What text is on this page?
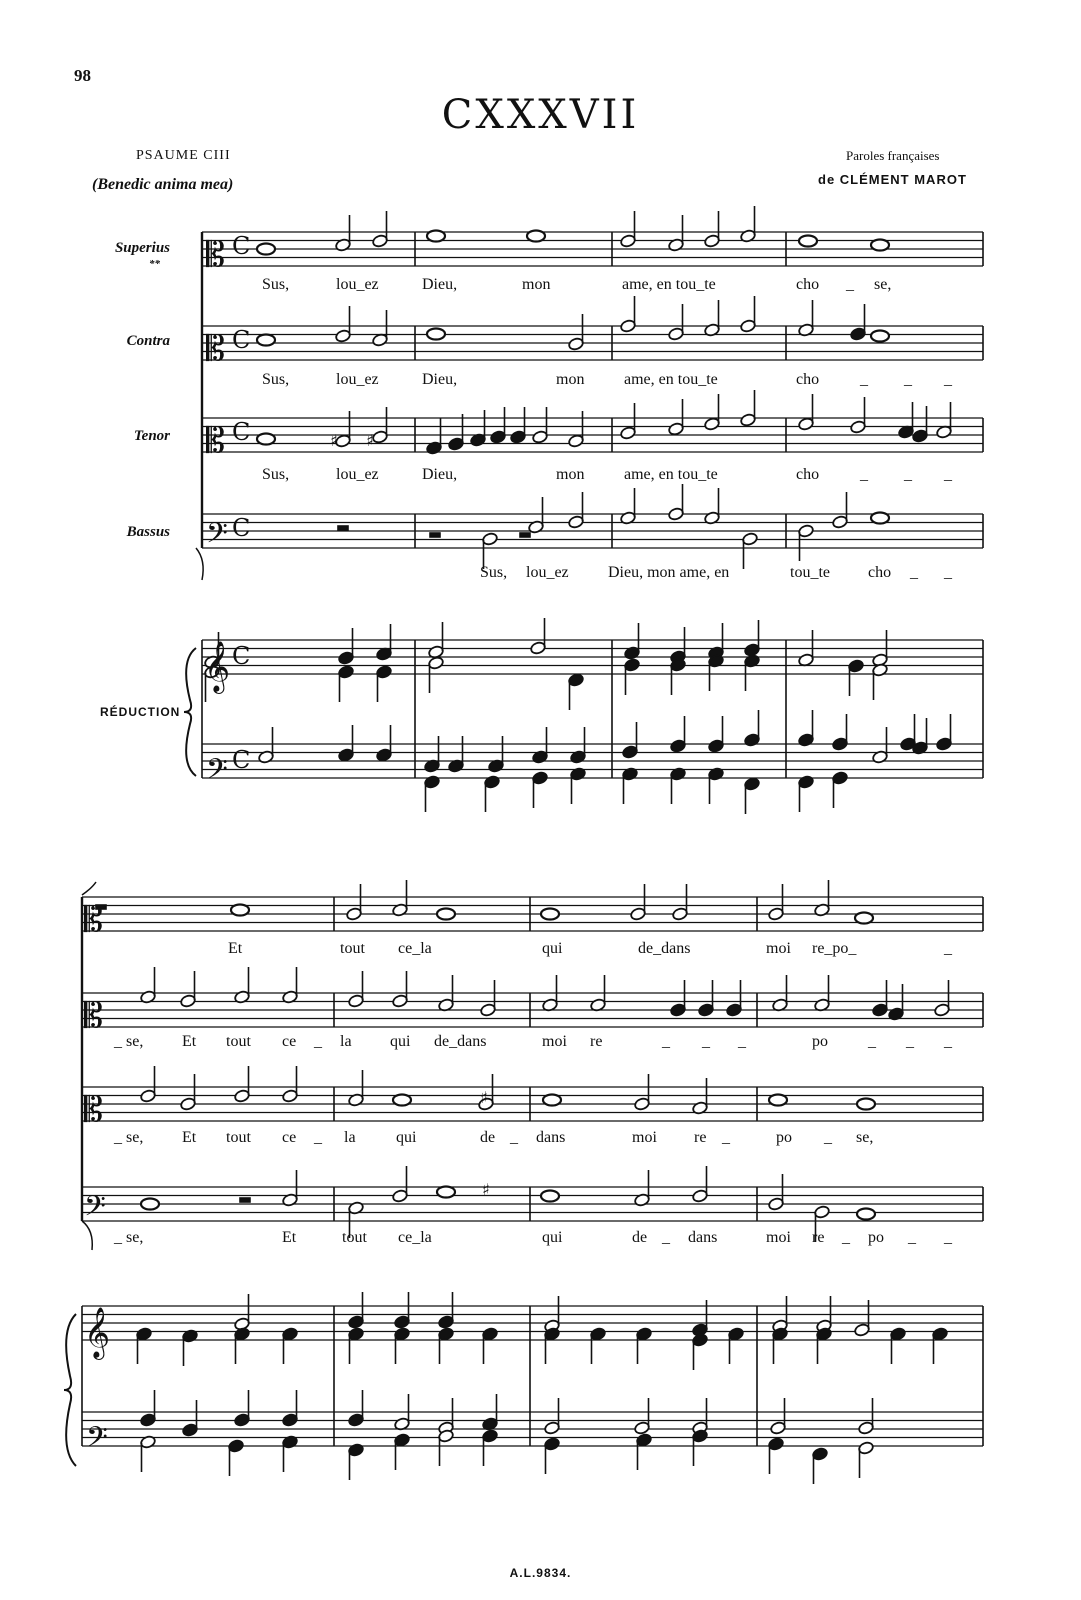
98
CXXXVII
PSAUME CIII
(Benedic anima mea)
Paroles françaises
de CLÉMENT MAROT
Superius
**
Contra
Tenor
Bassus
RÉDUCTION
Sus,	lou_ez	Dieu,	mon	ame, en tou_te	cho _ se,
Sus,	lou_ez	Dieu,	mon ame, en tou_te	cho	_ _ _
Sus,	lou_ez	Dieu,	mon ame, en tou_te	cho	_ _ _
Sus, lou_ez Dieu, mon ame, en	tou_te cho _ _
Et	tout ce_la	qui	de_dans	moi re_po_	_
_ se, Et tout ce _ la qui de_dans	moi re	_ _ _	po	_ _ _
_ se, Et tout ce _ la	qui	de _ dans	moi re _	po _ se,
_ se,	Et	tout ce_la	qui	de _ dans	moi re _ po _ _
A.L.9834.
𝄡 C
𝄡 C
𝄡 C
𝄢 C
𝄞
𝄢
C
C
𝄡
𝄡
𝄡
𝄢
𝄞
𝄢
♯ ♯
♯
♯
